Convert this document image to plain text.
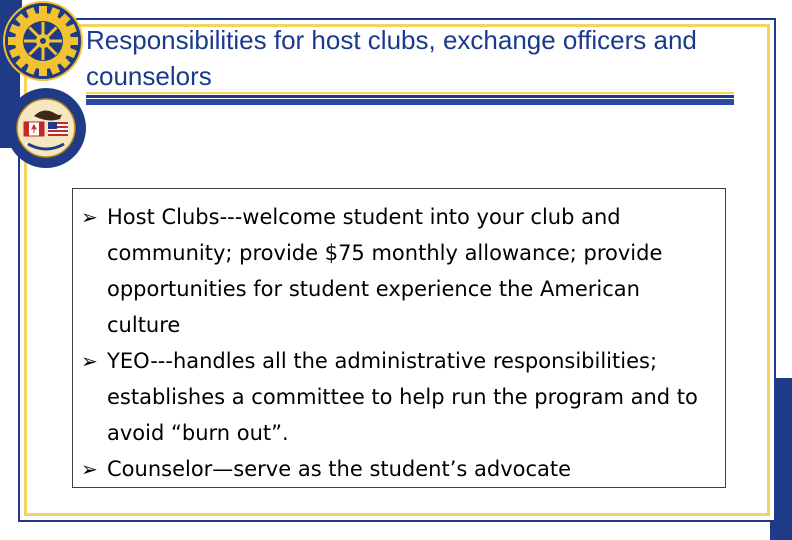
Responsibilities for host clubs, exchange officers and counselors
➢ Host Clubs---welcome student into your club and community; provide $75 monthly allowance; provide opportunities for student experience the American culture
➢ YEO---handles all the administrative responsibilities; establishes a committee to help run the program and to avoid “burn out”.
➢ Counselor—serve as the student’s advocate
